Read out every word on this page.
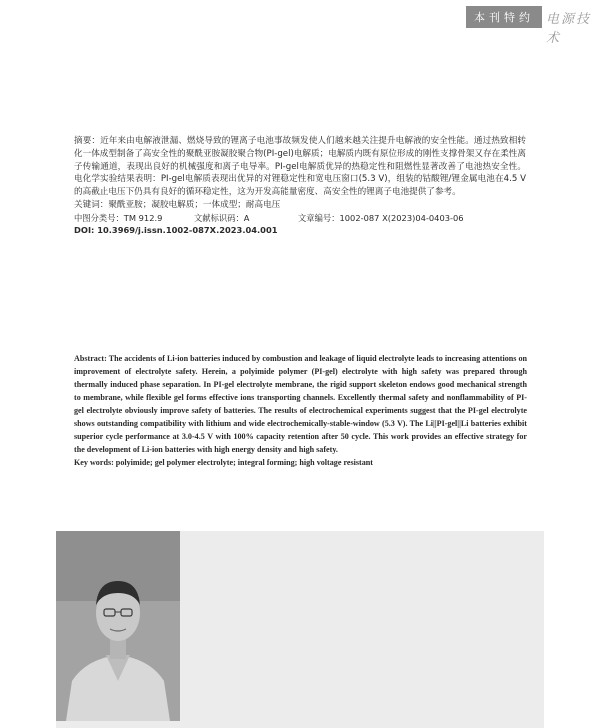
本刊特约 电源技术

摘要：近年来由电解液泄漏、燃烧导致的锂离子电池事故频发使人们越来越关注提升电解液的安全性能。通过热致相转化一体成型制备了高安全性的聚酰亚胺凝胶聚合物(PI-gel)电解质；电解质内既有原位形成的刚性支撑骨架又存在柔性离子传输通道，表现出良好的机械强度和离子电导率。PI-gel电解质优异的热稳定性和阻燃性显著改善了电池热安全性。电化学实验结果表明：PI-gel电解质表现出优异的对锂稳定性和宽电压窗口(5.3 V)，组装的钴酸锂/锂金属电池在4.5 V的高截止电压下仍具有良好的循环稳定性，这为开发高能量密度、高安全性的锂离子电池提供了参考。

关键词：聚酰亚胺；凝胶电解质；一体成型；耐高电压

中图分类号：TM 912.9	文献标识码：A	文章编号：1002-087 X(2023)04-0403-06
DOI: 10.3969/j.issn.1002-087X.2023.04.001

Abstract: The accidents of Li-ion batteries induced by combustion and leakage of liquid electrolyte leads to increasing attentions on improvement of electrolyte safety. Herein, a polyimide polymer (PI-gel) electrolyte with high safety was prepared through thermally induced phase separation. In PI-gel electrolyte membrane, the rigid support skeleton endows good mechanical strength to membrane, while flexible gel forms effective ions transporting channels. Excellently thermal safety and nonflammability of PI-gel electrolyte obviously improve safety of batteries. The results of electrochemical experiments suggest that the PI-gel electrolyte shows outstanding compatibility with lithium and wide electrochemically-stable-window (5.3 V). The Li||PI-gel||Li batteries exhibit superior cycle performance at 3.0-4.5 V with 100% capacity retention after 50 cycle. This work provides an effective strategy for the development of Li-ion batteries with high energy density and high safety.

Key words: polyimide; gel polymer electrolyte; integral forming; high voltage resistant
